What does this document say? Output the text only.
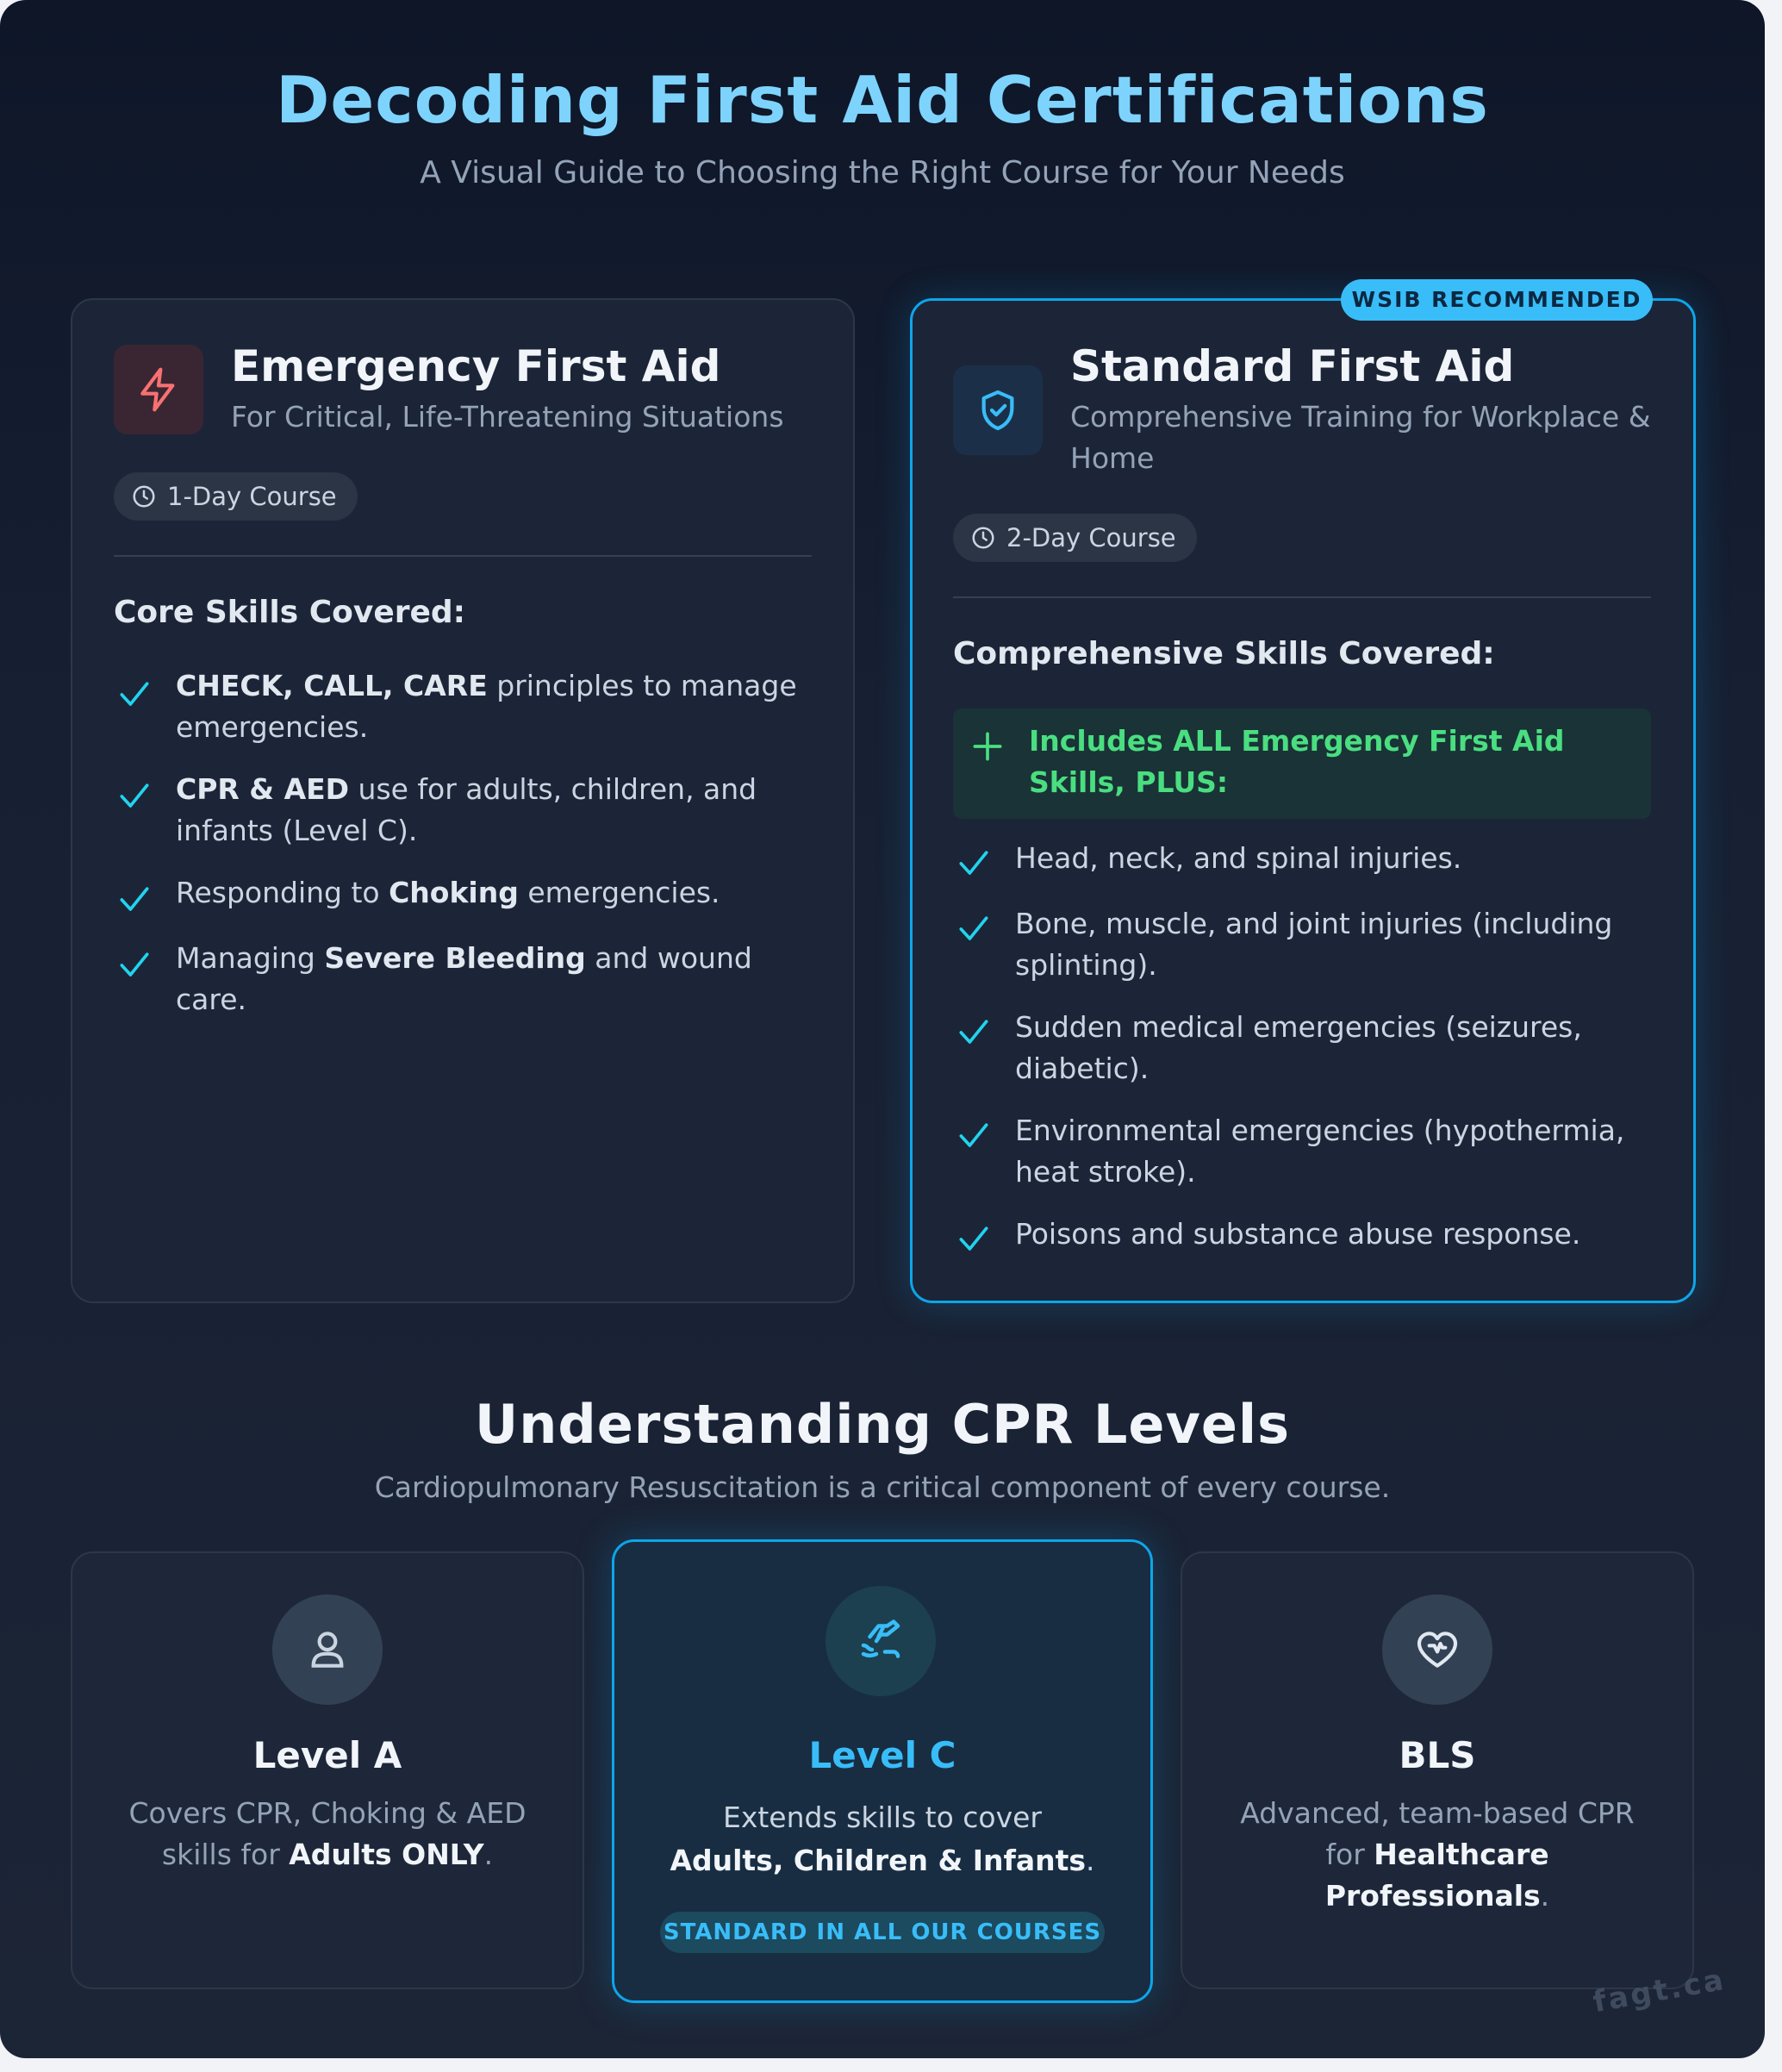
Decoding First Aid Certifications
A Visual Guide to Choosing the Right Course for Your Needs
Emergency First Aid
For Critical, Life-Threatening Situations
1-Day Course
Core Skills Covered:
CHECK, CALL, CARE principles to manage emergencies.
CPR & AED use for adults, children, and infants (Level C).
Responding to Choking emergencies.
Managing Severe Bleeding and wound care.
WSIB RECOMMENDED
Standard First Aid
Comprehensive Training for Workplace & Home
2-Day Course
Comprehensive Skills Covered:
Includes ALL Emergency First Aid Skills, PLUS:
Head, neck, and spinal injuries.
Bone, muscle, and joint injuries (including splinting).
Sudden medical emergencies (seizures, diabetic).
Environmental emergencies (hypothermia, heat stroke).
Poisons and substance abuse response.
Understanding CPR Levels
Cardiopulmonary Resuscitation is a critical component of every course.
Level A
Covers CPR, Choking & AED skills for Adults ONLY.
Level C
Extends skills to cover
Adults, Children & Infants.
STANDARD IN ALL OUR COURSES
BLS
Advanced, team-based CPR for Healthcare Professionals.
fagt.ca
